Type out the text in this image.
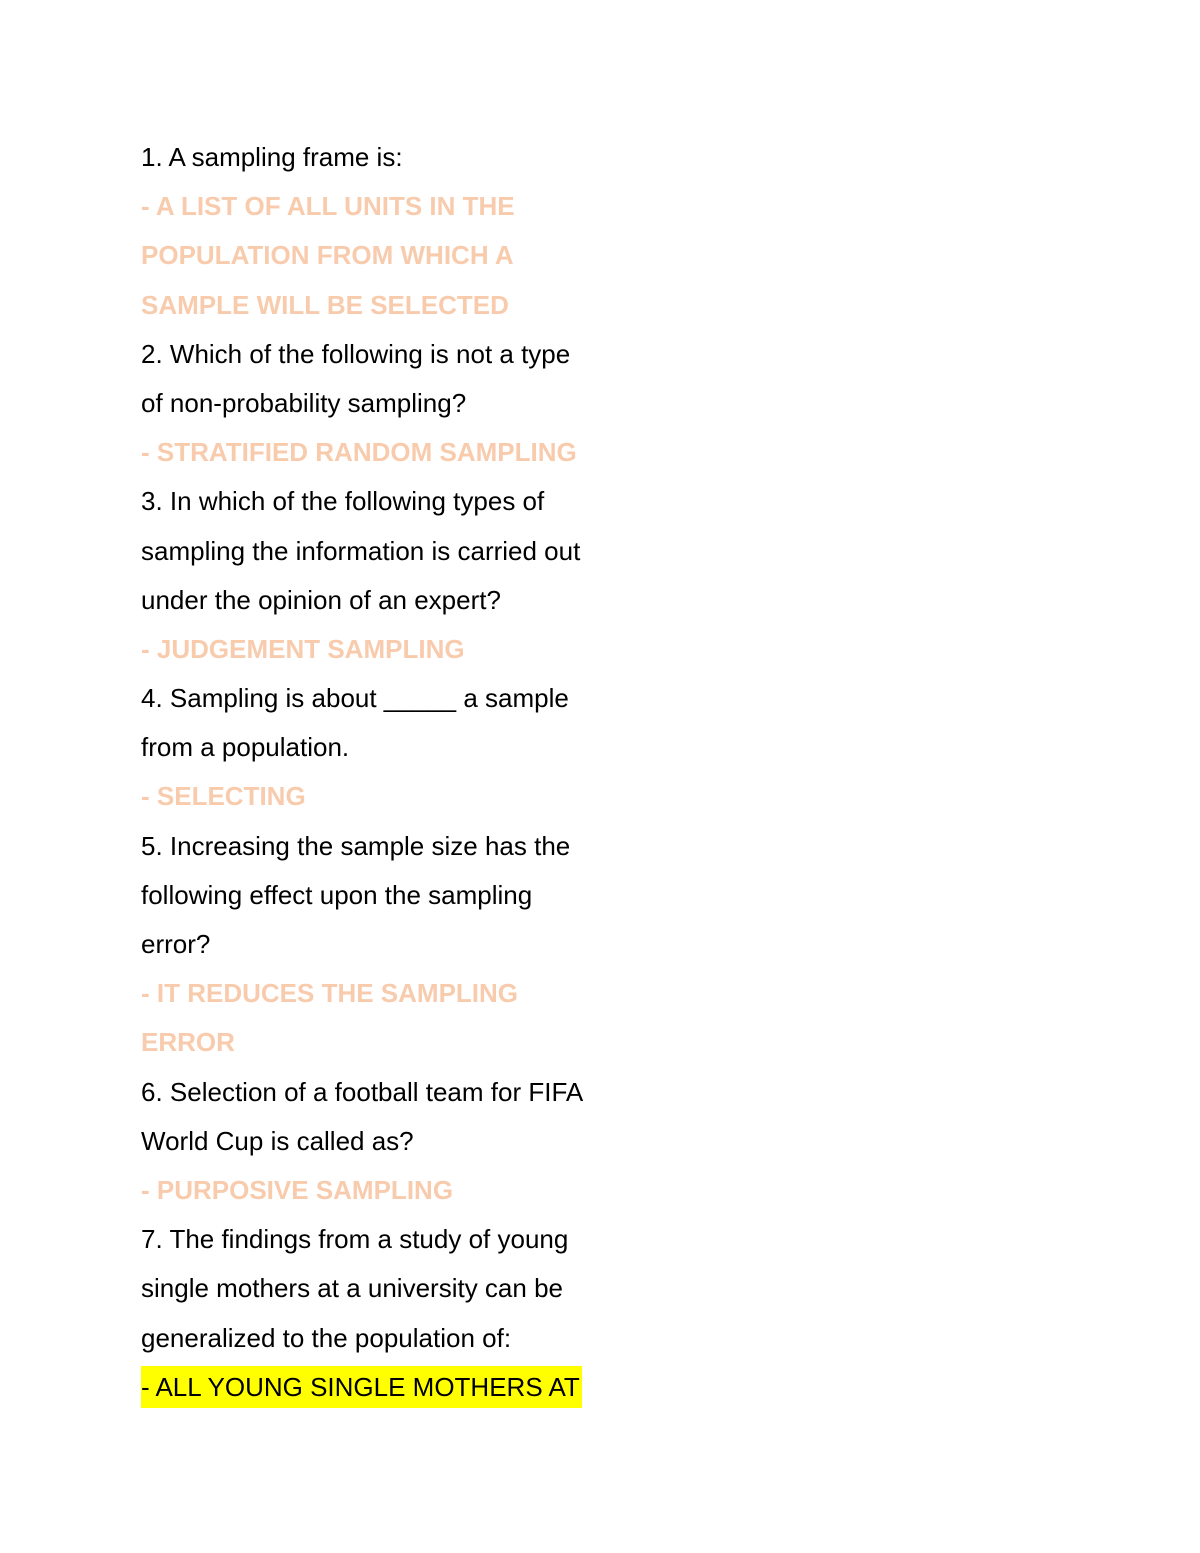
1. A sampling frame is:
- A LIST OF ALL UNITS IN THE
POPULATION FROM WHICH A
SAMPLE WILL BE SELECTED
2. Which of the following is not a type
of non-probability sampling?
- STRATIFIED RANDOM SAMPLING
3. In which of the following types of
sampling the information is carried out
under the opinion of an expert?
- JUDGEMENT SAMPLING
4. Sampling is about _____ a sample
from a population.
- SELECTING
5. Increasing the sample size has the
following effect upon the sampling
error?
- IT REDUCES THE SAMPLING
ERROR
6. Selection of a football team for FIFA
World Cup is called as?
- PURPOSIVE SAMPLING
7. The findings from a study of young
single mothers at a university can be
generalized to the population of:
- ALL YOUNG SINGLE MOTHERS AT
